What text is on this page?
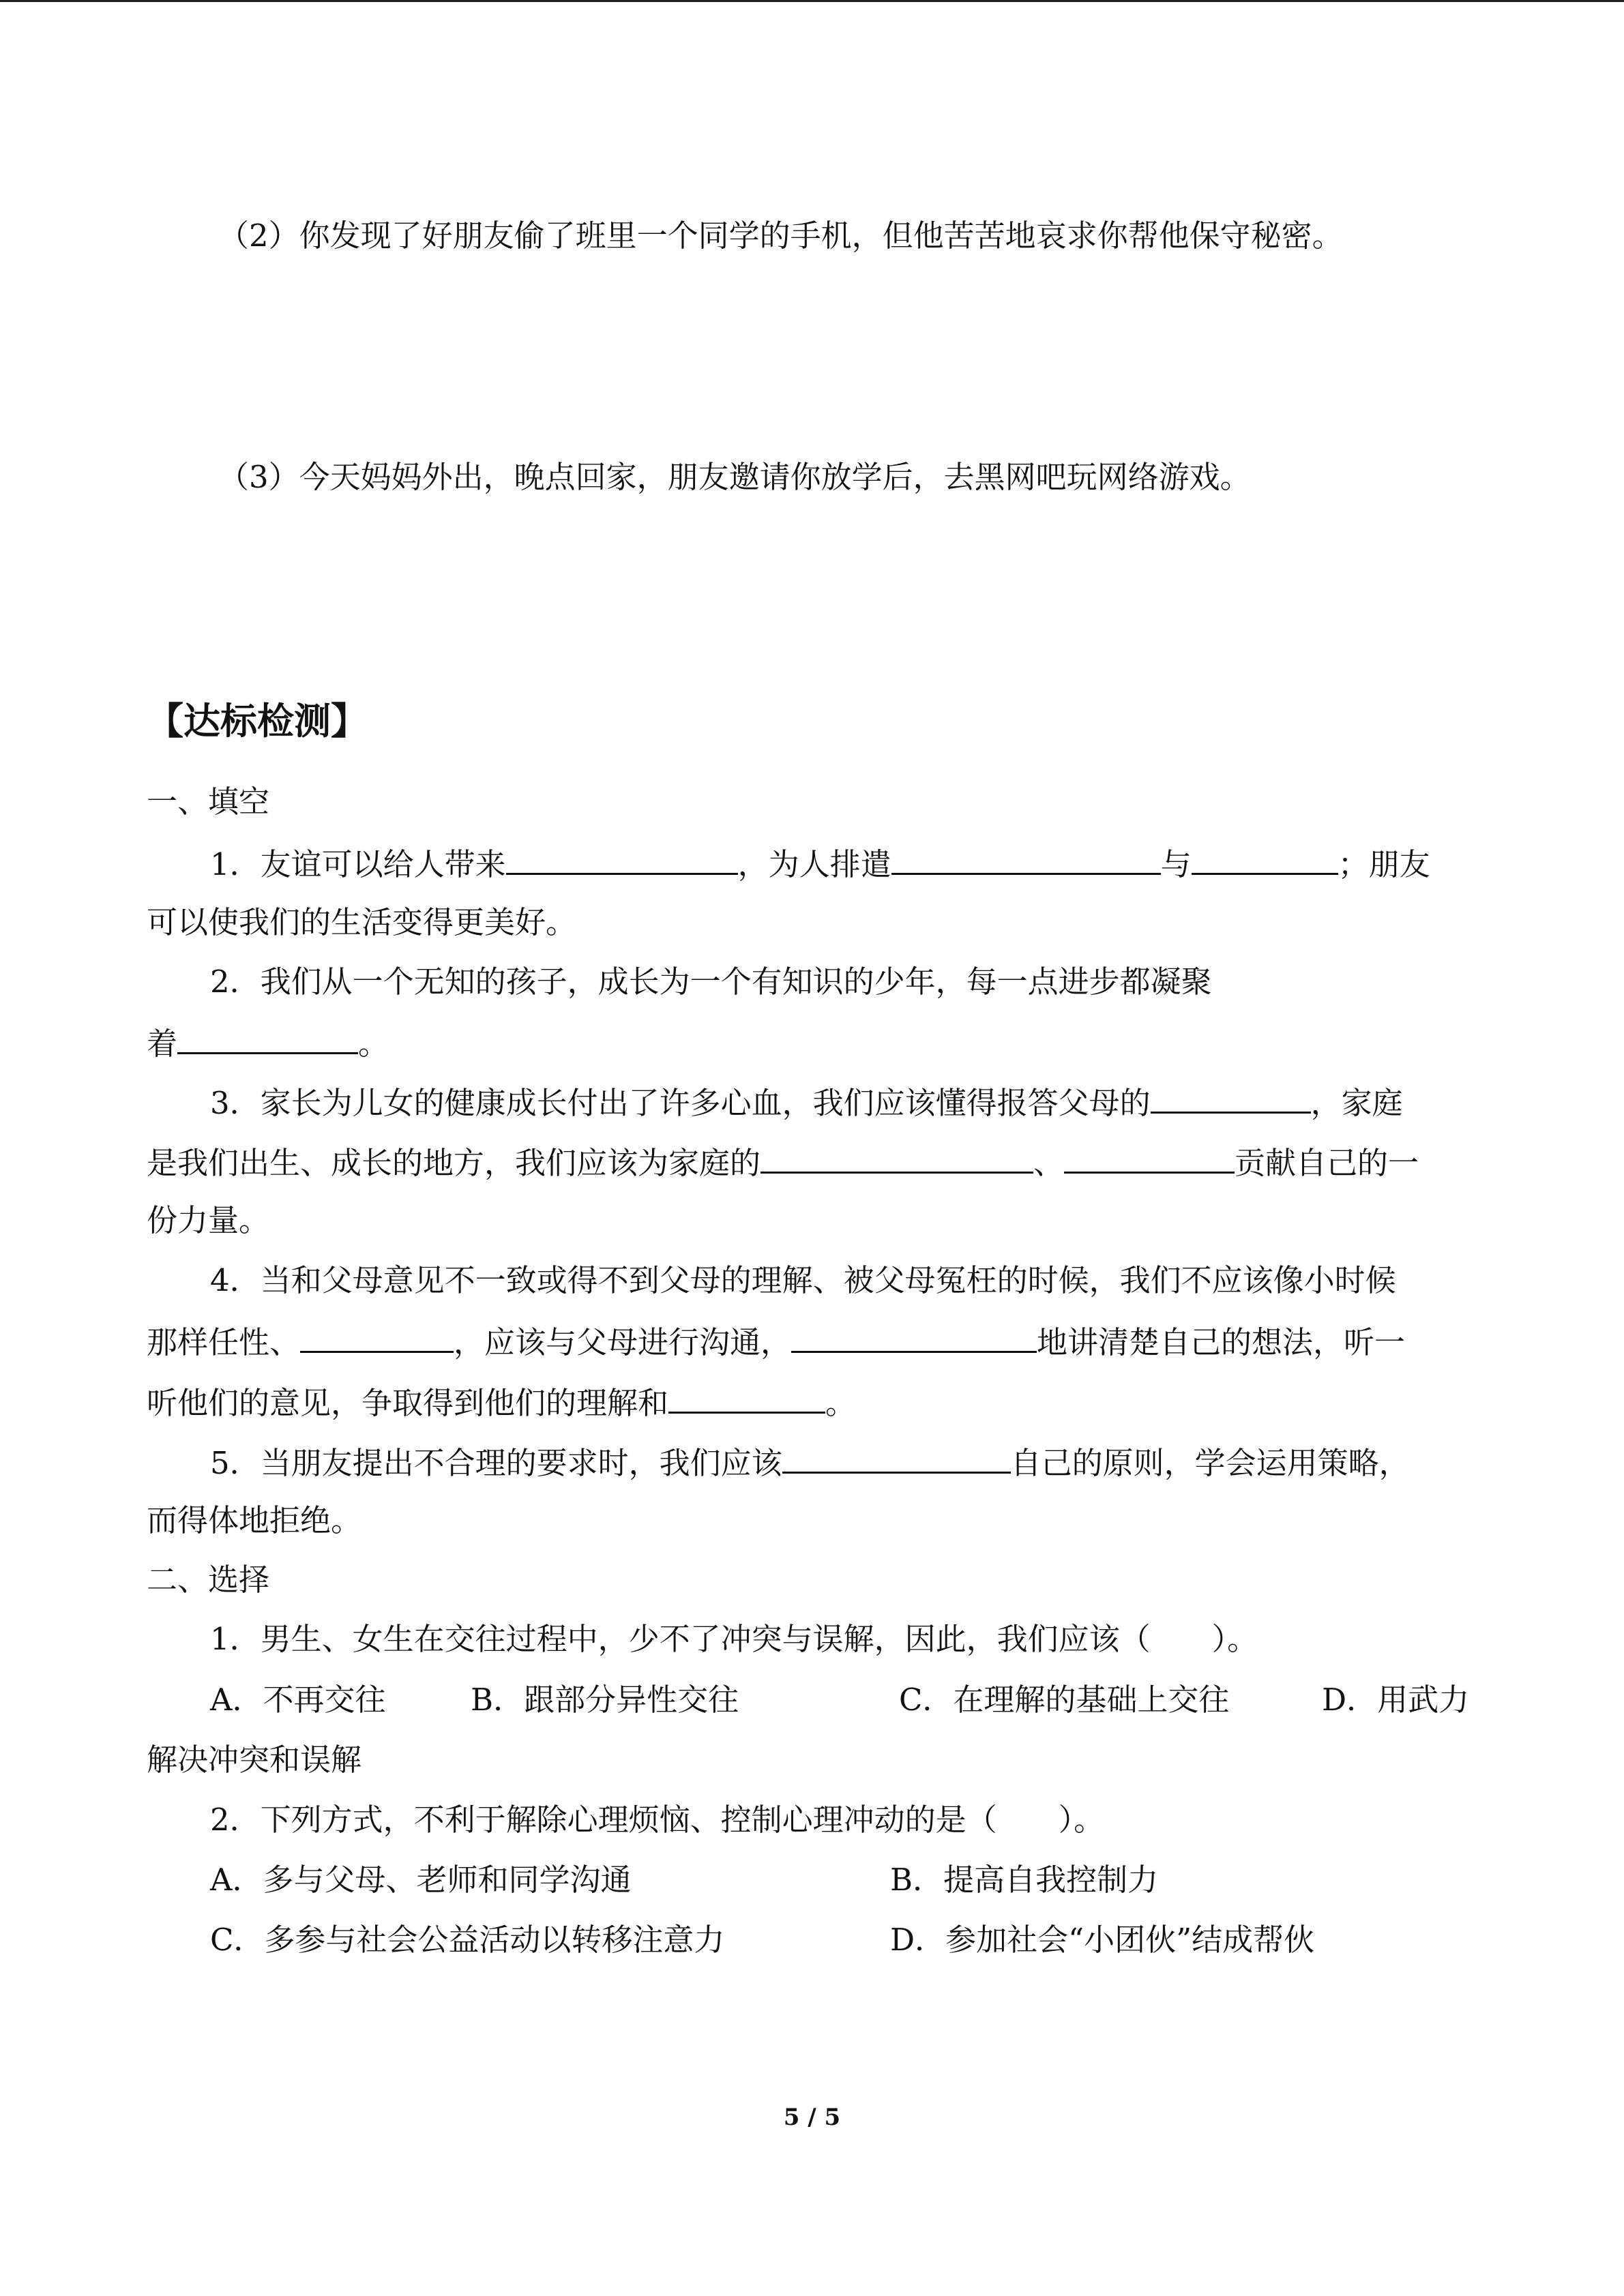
（2）你发现了好朋友偷了班里一个同学的手机，但他苦苦地哀求你帮他保守秘密。
（3）今天妈妈外出，晚点回家，朋友邀请你放学后，去黑网吧玩网络游戏。
【达标检测】
一、填空
1．友谊可以给人带来	，为人排遣	与	；朋友
可以使我们的生活变得更美好。
2．我们从一个无知的孩子，成长为一个有知识的少年，每一点进步都凝聚
着	。
3．家长为儿女的健康成长付出了许多心血，我们应该懂得报答父母的	，家庭
是我们出生、成长的地方，我们应该为家庭的	、	贡献自己的一
份力量。
4．当和父母意见不一致或得不到父母的理解、被父母冤枉的时候，我们不应该像小时候
那样任性、	，应该与父母进行沟通，	地讲清楚自己的想法，听一
听他们的意见，争取得到他们的理解和	。
5．当朋友提出不合理的要求时，我们应该	自己的原则，学会运用策略，
而得体地拒绝。
二、选择
1．男生、女生在交往过程中，少不了冲突与误解，因此，我们应该（　　）。
A．不再交往	B．跟部分异性交往	C．在理解的基础上交往	D．用武力
解决冲突和误解
2．下列方式，不利于解除心理烦恼、控制心理冲动的是（　　）。
A．多与父母、老师和同学沟通	B．提高自我控制力
C．多参与社会公益活动以转移注意力	D．参加社会“小团伙”结成帮伙
5 / 5
